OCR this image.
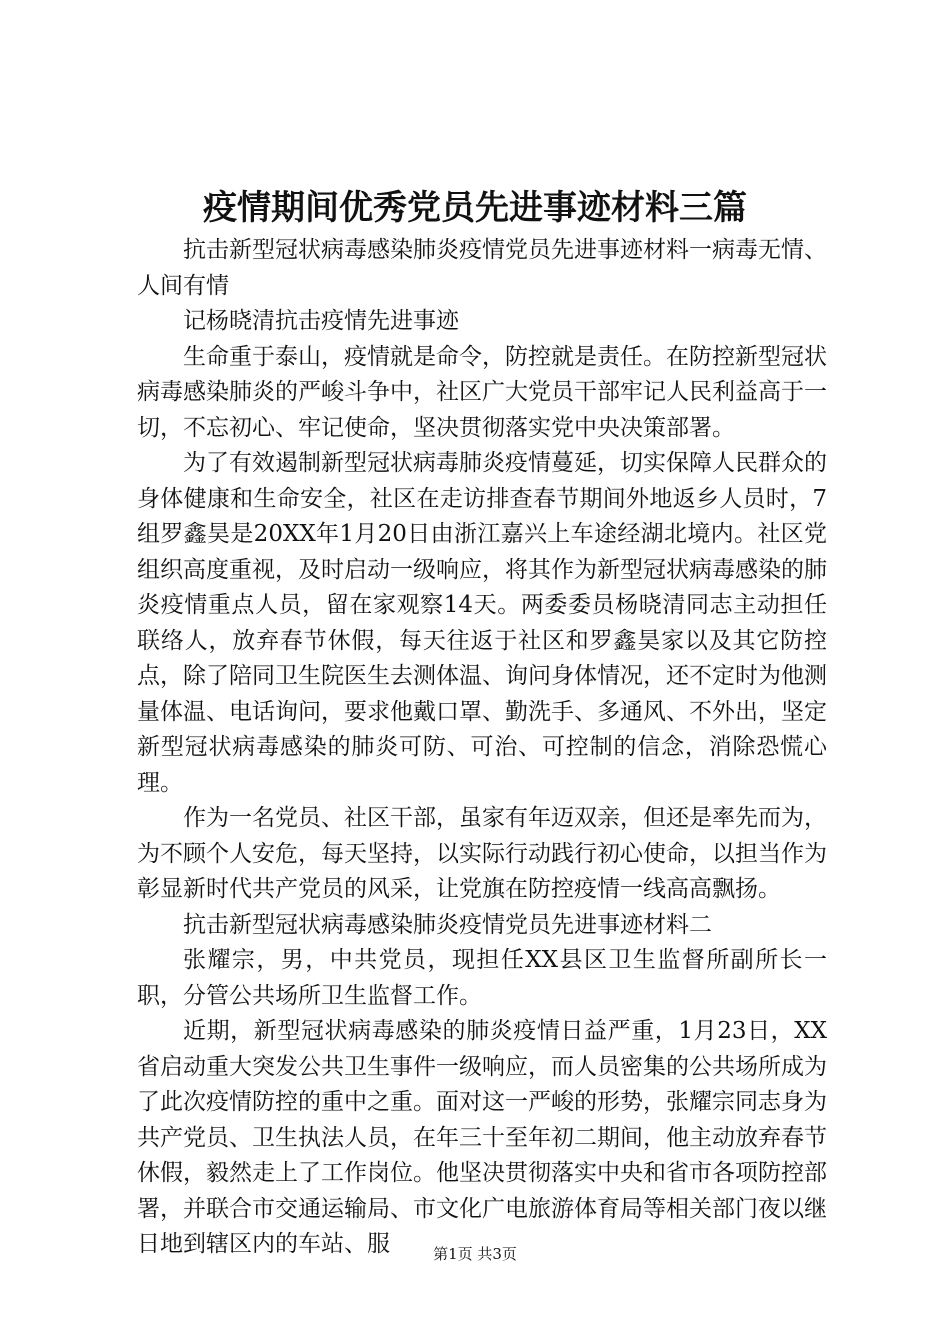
疫情期间优秀党员先进事迹材料三篇

抗击新型冠状病毒感染肺炎疫情党员先进事迹材料一病毒无情、人间有情

记杨晓清抗击疫情先进事迹

生命重于泰山，疫情就是命令，防控就是责任。在防控新型冠状病毒感染肺炎的严峻斗争中，社区广大党员干部牢记人民利益高于一切，不忘初心、牢记使命，坚决贯彻落实党中央决策部署。

为了有效遏制新型冠状病毒肺炎疫情蔓延，切实保障人民群众的身体健康和生命安全，社区在走访排查春节期间外地返乡人员时，7组罗鑫昊是20XX年1月20日由浙江嘉兴上车途经湖北境内。社区党组织高度重视，及时启动一级响应，将其作为新型冠状病毒感染的肺炎疫情重点人员，留在家观察14天。两委委员杨晓清同志主动担任联络人，放弃春节休假，每天往返于社区和罗鑫昊家以及其它防控点，除了陪同卫生院医生去测体温、询问身体情况，还不定时为他测量体温、电话询问，要求他戴口罩、勤洗手、多通风、不外出，坚定新型冠状病毒感染的肺炎可防、可治、可控制的信念，消除恐慌心理。

作为一名党员、社区干部，虽家有年迈双亲，但还是率先而为，为不顾个人安危，每天坚持，以实际行动践行初心使命，以担当作为彰显新时代共产党员的风采，让党旗在防控疫情一线高高飘扬。

抗击新型冠状病毒感染肺炎疫情党员先进事迹材料二

张耀宗，男，中共党员，现担任XX县区卫生监督所副所长一职，分管公共场所卫生监督工作。

近期，新型冠状病毒感染的肺炎疫情日益严重，1月23日，XX省启动重大突发公共卫生事件一级响应，而人员密集的公共场所成为了此次疫情防控的重中之重。面对这一严峻的形势，张耀宗同志身为共产党员、卫生执法人员，在年三十至年初二期间，他主动放弃春节休假，毅然走上了工作岗位。他坚决贯彻落实中央和省市各项防控部署，并联合市交通运输局、市文化广电旅游体育局等相关部门夜以继日地到辖区内的车站、服	第1页 共3页
